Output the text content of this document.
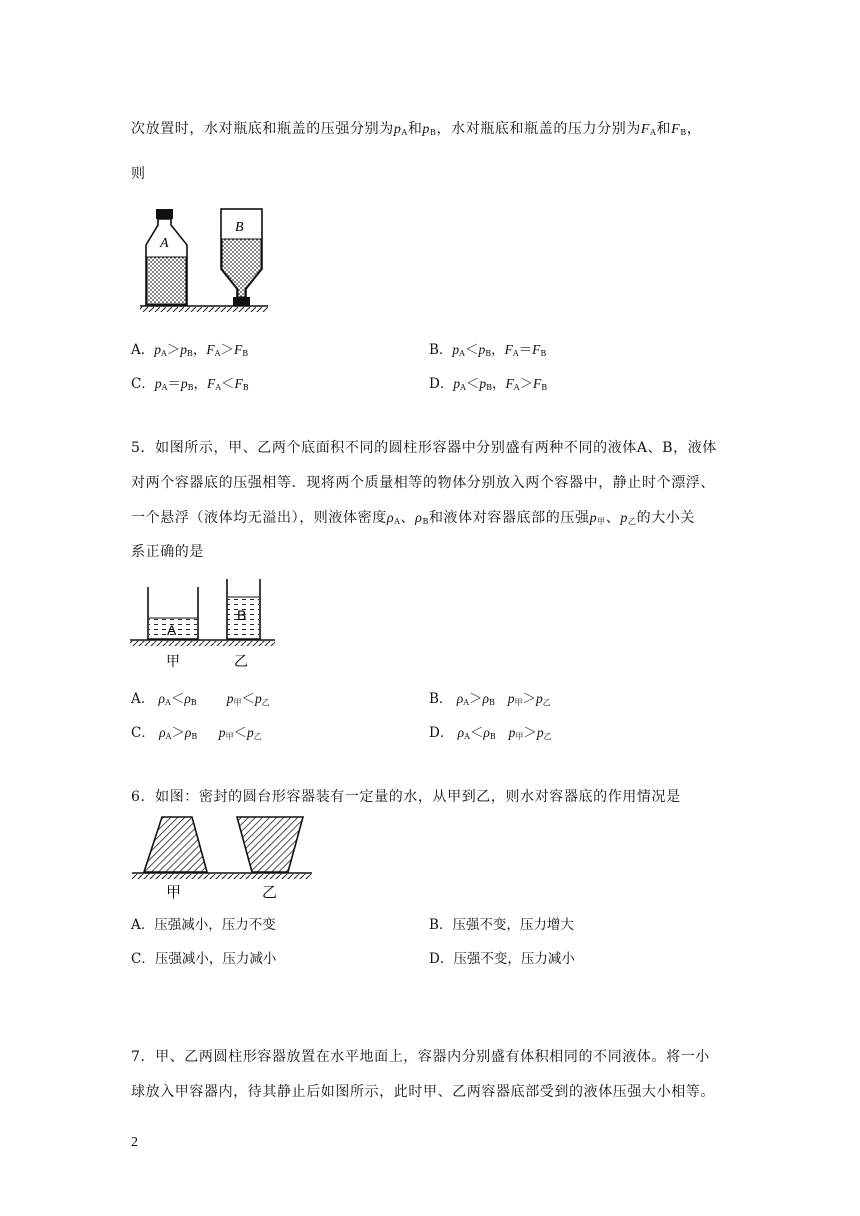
次放置时，水对瓶底和瓶盖的压强分别为$p_A$和$p_B$，水对瓶底和瓶盖的压力分别为$F_A$和$F_B$，
则
A
B
A．$p_A>p_B$，$F_A>F_B$	B．$p_A<p_B$，$F_A=F_B$
C．$p_A=p_B$，$F_A<F_B$	D．$p_A<p_B$，$F_A>F_B$
5．如图所示，甲、乙两个底面积不同的圆柱形容器中分别盛有两种不同的液体A、B，液体
对两个容器底的压强相等．现将两个质量相等的物体分别放入两个容器中，静止时个漂浮、
一个悬浮（液体均无溢出），则液体密度$\rho_A$、$\rho_B$和液体对容器底部的压强$p_甲$、$p_乙$的大小关
系正确的是
A
B
甲	乙
A． $\rho_A<\rho_B$ $p_甲<p_乙$	B． $\rho_A>\rho_B$ $p_甲>p_乙$
C． $\rho_A>\rho_B$ $p_甲<p_乙$	D． $\rho_A<\rho_B$ $p_甲>p_乙$
6．如图：密封的圆台形容器装有一定量的水，从甲到乙，则水对容器底的作用情况是
甲	乙
A．压强减小，压力不变	B．压强不变，压力增大
C．压强减小，压力减小	D．压强不变，压力减小
7．甲、乙两圆柱形容器放置在水平地面上，容器内分别盛有体积相同的不同液体。将一小
球放入甲容器内，待其静止后如图所示，此时甲、乙两容器底部受到的液体压强大小相等。
2
